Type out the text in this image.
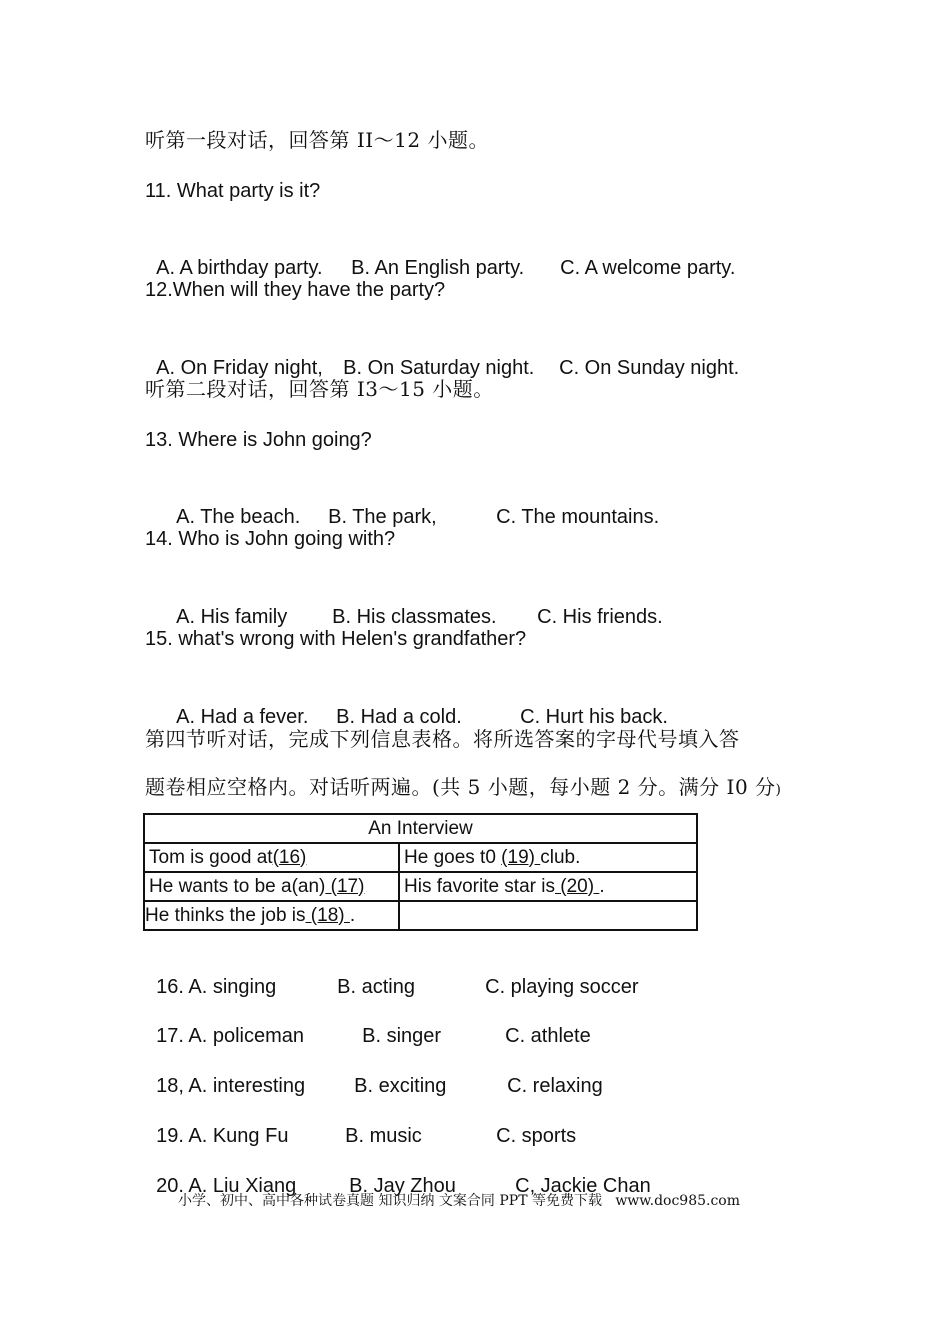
听第一段对话，回答第 II～12 小题。
11. What party is it?

A. A birthday party. B. An English party. C. A welcome party.

12.When will they have the party?

A. On Friday night, B. On Saturday night. C. On Sunday night.

听第二段对话，回答第 I3～15 小题。
13. Where is John going?

A. The beach. B. The park,	C. The mountains.

14. Who is John going with?

A. His family B. His classmates. C. His friends.

15. what's wrong with Helen's grandfather?

A. Had a fever. B. Had a cold.	C. Hurt his back.

第四节听对话，完成下列信息表格。将所选答案的字母代号填入答
题卷相应空格内。对话听两遍。(共 5 小题，每小题 2 分。满分 I0 分)
An Interview	
Tom is good at(16)	He goes t0 (19) club.
He wants to be a(an) (17)	His favorite star is (20) .
He thinks the job is (18) .	

16. A. singing	B. acting	C. playing soccer

17. A. policeman	B. singer	C. athlete

18, A. interesting B. exciting	C. relaxing

19. A. Kung Fu	B. music	C. sports

20. A. Liu Xiang	B. Jay Zhou	C, Jackie Chan

小学、初中、高中各种试卷真题 知识归纳 文案合同 PPT 等免费下载   www.doc985.com
